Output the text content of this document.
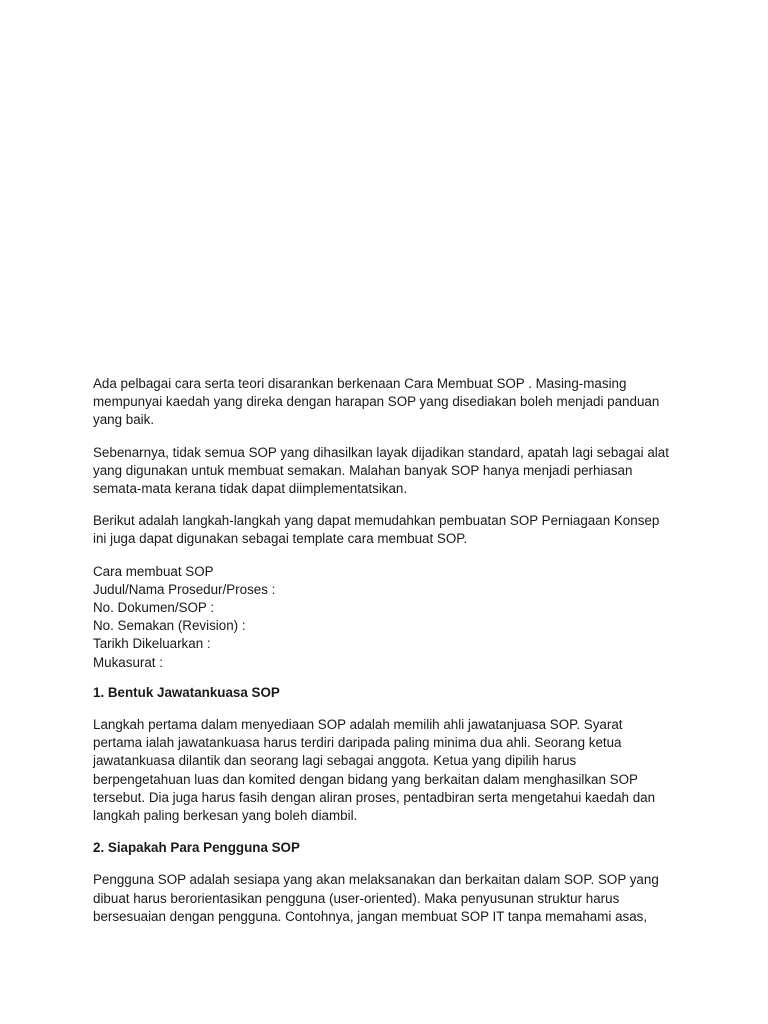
Ada pelbagai cara serta teori disarankan berkenaan Cara Membuat SOP . Masing-masing mempunyai kaedah yang direka dengan harapan SOP yang disediakan boleh menjadi panduan yang baik.

Sebenarnya, tidak semua SOP yang dihasilkan layak dijadikan standard, apatah lagi sebagai alat yang digunakan untuk membuat semakan. Malahan banyak SOP hanya menjadi perhiasan semata-mata kerana tidak dapat diimplementatsikan.

Berikut adalah langkah-langkah yang dapat memudahkan pembuatan SOP Perniagaan Konsep ini juga dapat digunakan sebagai template cara membuat SOP.

Cara membuat SOP
Judul/Nama Prosedur/Proses :
No. Dokumen/SOP :
No. Semakan (Revision) :
Tarikh Dikeluarkan :
Mukasurat :
1. Bentuk Jawatankuasa SOP

Langkah pertama dalam menyediaan SOP adalah memilih ahli jawatanjuasa SOP. Syarat pertama ialah jawatankuasa harus terdiri daripada paling minima dua ahli. Seorang ketua jawatankuasa dilantik dan seorang lagi sebagai anggota. Ketua yang dipilih harus berpengetahuan luas dan komited dengan bidang yang berkaitan dalam menghasilkan SOP tersebut. Dia juga harus fasih dengan aliran proses, pentadbiran serta mengetahui kaedah dan langkah paling berkesan yang boleh diambil.

2. Siapakah Para Pengguna SOP

Pengguna SOP adalah sesiapa yang akan melaksanakan dan berkaitan dalam SOP. SOP yang dibuat harus berorientasikan pengguna (user-oriented). Maka penyusunan struktur harus bersesuaian dengan pengguna. Contohnya, jangan membuat SOP IT tanpa memahami asas,
